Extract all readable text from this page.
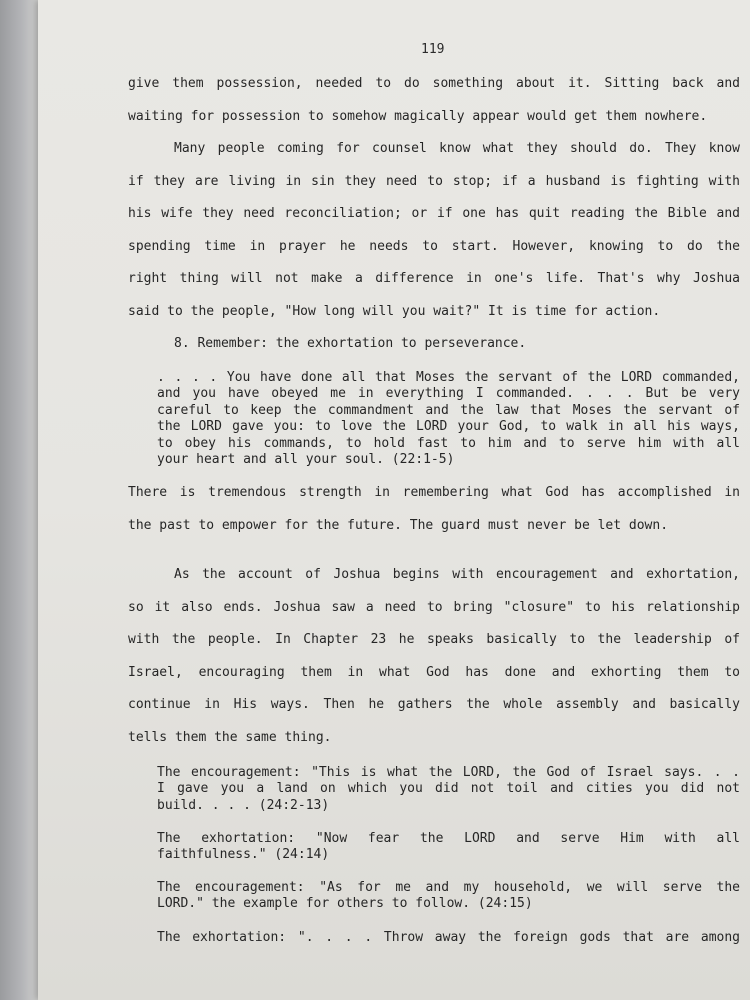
119
give them possession, needed to do something about it. Sitting back and
waiting for possession to somehow magically appear would get them nowhere.
Many people coming for counsel know what they should do. They know
if they are living in sin they need to stop; if a husband is fighting with
his wife they need reconciliation; or if one has quit reading the Bible and
spending time in prayer he needs to start. However, knowing to do the
right thing will not make a difference in one's life. That's why Joshua
said to the people, "How long will you wait?" It is time for action.
8. Remember: the exhortation to perseverance.
. . . . You have done all that Moses the servant of the LORD commanded,
and you have obeyed me in everything I commanded. . . . But be very
careful to keep the commandment and the law that Moses the servant of
the LORD gave you: to love the LORD your God, to walk in all his ways,
to obey his commands, to hold fast to him and to serve him with all
your heart and all your soul. (22:1-5)
There is tremendous strength in remembering what God has accomplished in
the past to empower for the future. The guard must never be let down.
As the account of Joshua begins with encouragement and exhortation,
so it also ends. Joshua saw a need to bring "closure" to his relationship
with the people. In Chapter 23 he speaks basically to the leadership of
Israel, encouraging them in what God has done and exhorting them to
continue in His ways. Then he gathers the whole assembly and basically
tells them the same thing.
The encouragement: "This is what the LORD, the God of Israel says. . .
I gave you a land on which you did not toil and cities you did not
build. . . . (24:2-13)
The exhortation: "Now fear the LORD and serve Him with all
faithfulness." (24:14)
The encouragement: "As for me and my household, we will serve the
LORD." the example for others to follow. (24:15)
The exhortation: ". . . . Throw away the foreign gods that are among
